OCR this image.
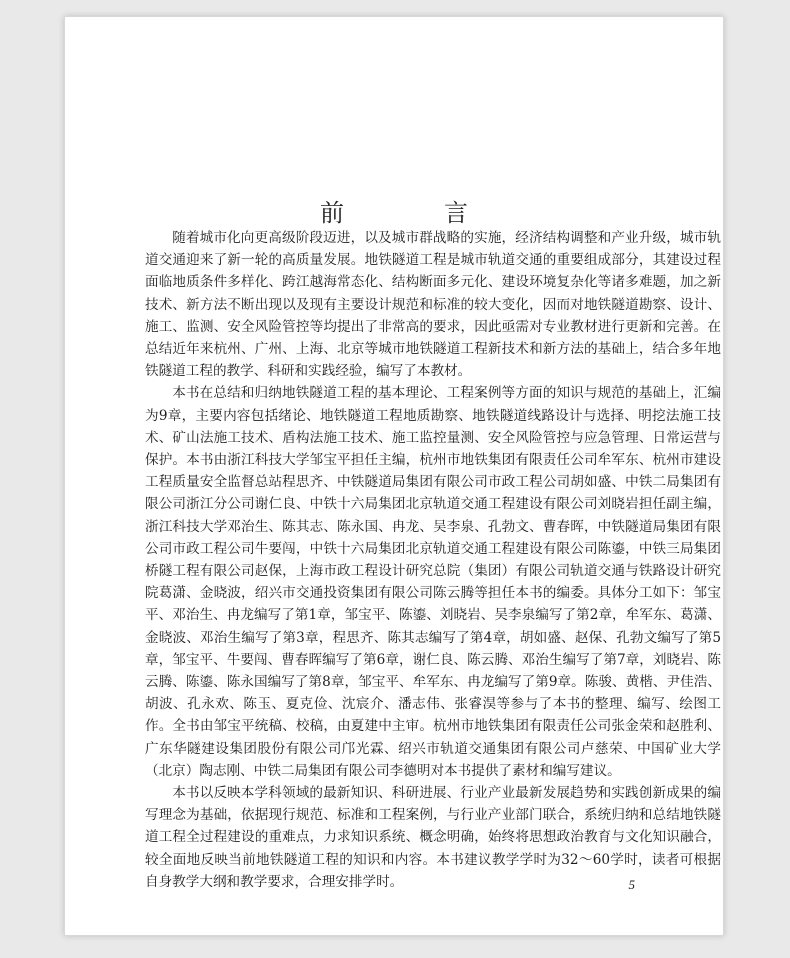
前　言

随着城市化向更高级阶段迈进，以及城市群战略的实施，经济结构调整和产业升级，城市轨道交通迎来了新一轮的高质量发展。地铁隧道工程是城市轨道交通的重要组成部分，其建设过程面临地质条件多样化、跨江越海常态化、结构断面多元化、建设环境复杂化等诸多难题，加之新技术、新方法不断出现以及现有主要设计规范和标准的较大变化，因而对地铁隧道勘察、设计、施工、监测、安全风险管控等均提出了非常高的要求，因此亟需对专业教材进行更新和完善。在总结近年来杭州、广州、上海、北京等城市地铁隧道工程新技术和新方法的基础上，结合多年地铁隧道工程的教学、科研和实践经验，编写了本教材。

本书在总结和归纳地铁隧道工程的基本理论、工程案例等方面的知识与规范的基础上，汇编为9章，主要内容包括绪论、地铁隧道工程地质勘察、地铁隧道线路设计与选择、明挖法施工技术、矿山法施工技术、盾构法施工技术、施工监控量测、安全风险管控与应急管理、日常运营与保护。本书由浙江科技大学邹宝平担任主编，杭州市地铁集团有限责任公司牟军东、杭州市建设工程质量安全监督总站程思齐、中铁隧道局集团有限公司市政工程公司胡如盛、中铁二局集团有限公司浙江分公司谢仁良、中铁十六局集团北京轨道交通工程建设有限公司刘晓岩担任副主编，浙江科技大学邓治生、陈其志、陈永国、冉龙、吴李泉、孔勃文、曹春晖，中铁隧道局集团有限公司市政工程公司牛要闯，中铁十六局集团北京轨道交通工程建设有限公司陈鎏，中铁三局集团桥隧工程有限公司赵保，上海市政工程设计研究总院（集团）有限公司轨道交通与铁路设计研究院葛潇、金晓波，绍兴市交通投资集团有限公司陈云腾等担任本书的编委。具体分工如下：邹宝平、邓治生、冉龙编写了第1章，邹宝平、陈鎏、刘晓岩、吴李泉编写了第2章，牟军东、葛潇、金晓波、邓治生编写了第3章，程思齐、陈其志编写了第4章，胡如盛、赵保、孔勃文编写了第5章，邹宝平、牛要闯、曹春晖编写了第6章，谢仁良、陈云腾、邓治生编写了第7章，刘晓岩、陈云腾、陈鎏、陈永国编写了第8章，邹宝平、牟军东、冉龙编写了第9章。陈骏、黄楷、尹佳浩、胡波、孔永欢、陈玉、夏克俭、沈宸介、潘志伟、张睿淏等参与了本书的整理、编写、绘图工作。全书由邹宝平统稿、校稿，由夏建中主审。杭州市地铁集团有限责任公司张金荣和赵胜利、广东华隧建设集团股份有限公司邝光霖、绍兴市轨道交通集团有限公司卢慈荣、中国矿业大学（北京）陶志刚、中铁二局集团有限公司李德明对本书提供了素材和编写建议。

本书以反映本学科领域的最新知识、科研进展、行业产业最新发展趋势和实践创新成果的编写理念为基础，依据现行规范、标准和工程案例，与行业产业部门联合，系统归纳和总结地铁隧道工程全过程建设的重难点，力求知识系统、概念明确，始终将思想政治教育与文化知识融合，较全面地反映当前地铁隧道工程的知识和内容。本书建议教学学时为32～60学时，读者可根据自身教学大纲和教学要求，合理安排学时。	5
